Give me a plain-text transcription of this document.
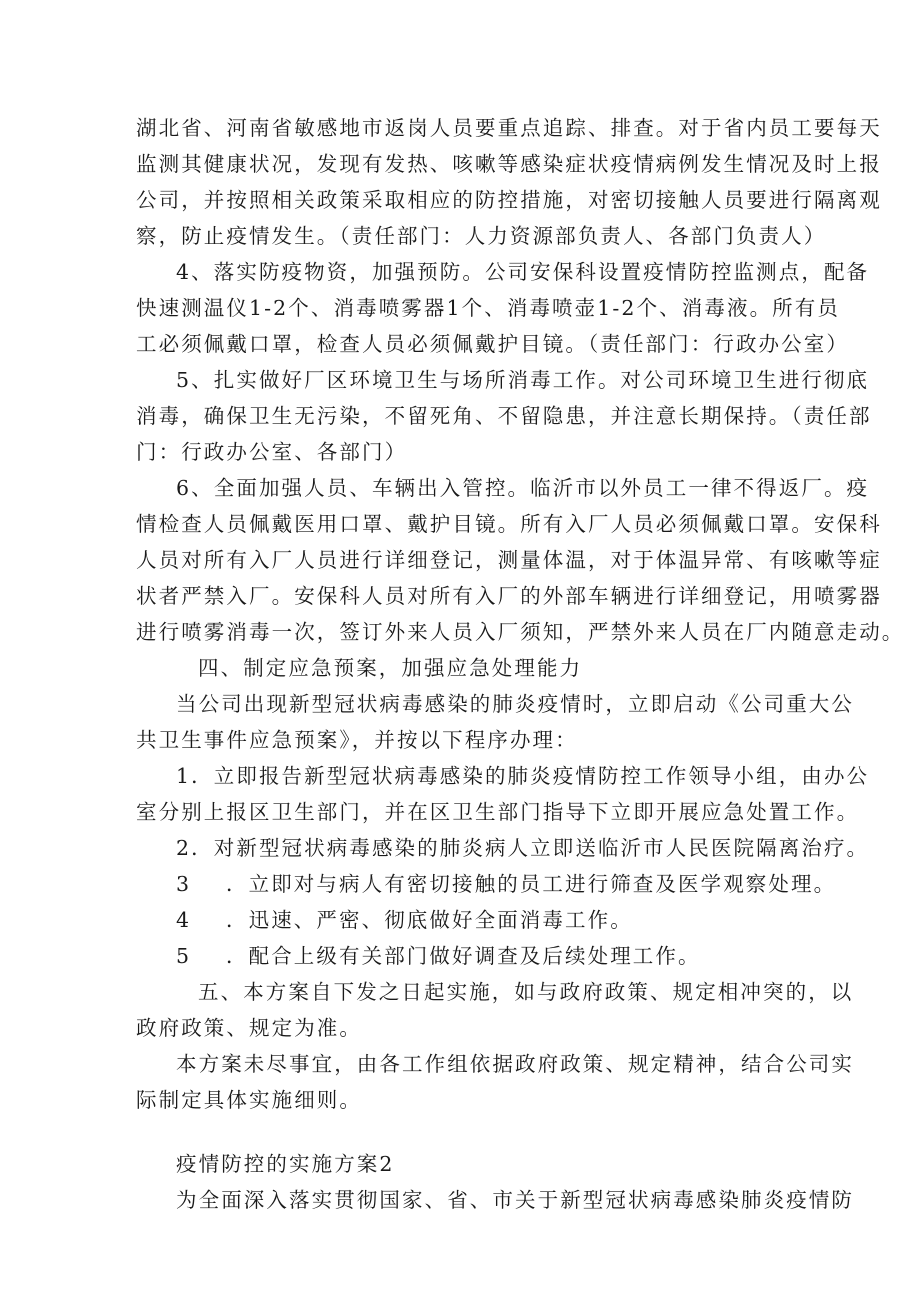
湖北省、河南省敏感地市返岗人员要重点追踪、排查。对于省内员工要每天
监测其健康状况，发现有发热、咳嗽等感染症状疫情病例发生情况及时上报
公司，并按照相关政策采取相应的防控措施，对密切接触人员要进行隔离观
察，防止疫情发生。（责任部门：人力资源部负责人、各部门负责人）
4、落实防疫物资，加强预防。公司安保科设置疫情防控监测点，配备
快速测温仪1-2个、消毒喷雾器1个、消毒喷壶1-2个、消毒液。所有员
工必须佩戴口罩，检查人员必须佩戴护目镜。（责任部门：行政办公室）
5、扎实做好厂区环境卫生与场所消毒工作。对公司环境卫生进行彻底
消毒，确保卫生无污染，不留死角、不留隐患，并注意长期保持。（责任部
门：行政办公室、各部门）
6、全面加强人员、车辆出入管控。临沂市以外员工一律不得返厂。疫
情检查人员佩戴医用口罩、戴护目镜。所有入厂人员必须佩戴口罩。安保科
人员对所有入厂人员进行详细登记，测量体温，对于体温异常、有咳嗽等症
状者严禁入厂。安保科人员对所有入厂的外部车辆进行详细登记，用喷雾器
进行喷雾消毒一次，签订外来人员入厂须知，严禁外来人员在厂内随意走动。
四、制定应急预案，加强应急处理能力
当公司出现新型冠状病毒感染的肺炎疫情时，立即启动《公司重大公
共卫生事件应急预案》，并按以下程序办理：
1．立即报告新型冠状病毒感染的肺炎疫情防控工作领导小组，由办公
室分别上报区卫生部门，并在区卫生部门指导下立即开展应急处置工作。
2．对新型冠状病毒感染的肺炎病人立即送临沂市人民医院隔离治疗。
3 ．立即对与病人有密切接触的员工进行筛查及医学观察处理。
4 ．迅速、严密、彻底做好全面消毒工作。
5 ．配合上级有关部门做好调查及后续处理工作。
五、本方案自下发之日起实施，如与政府政策、规定相冲突的，以
政府政策、规定为准。
本方案未尽事宜，由各工作组依据政府政策、规定精神，结合公司实
际制定具体实施细则。
疫情防控的实施方案2
为全面深入落实贯彻国家、省、市关于新型冠状病毒感染肺炎疫情防
